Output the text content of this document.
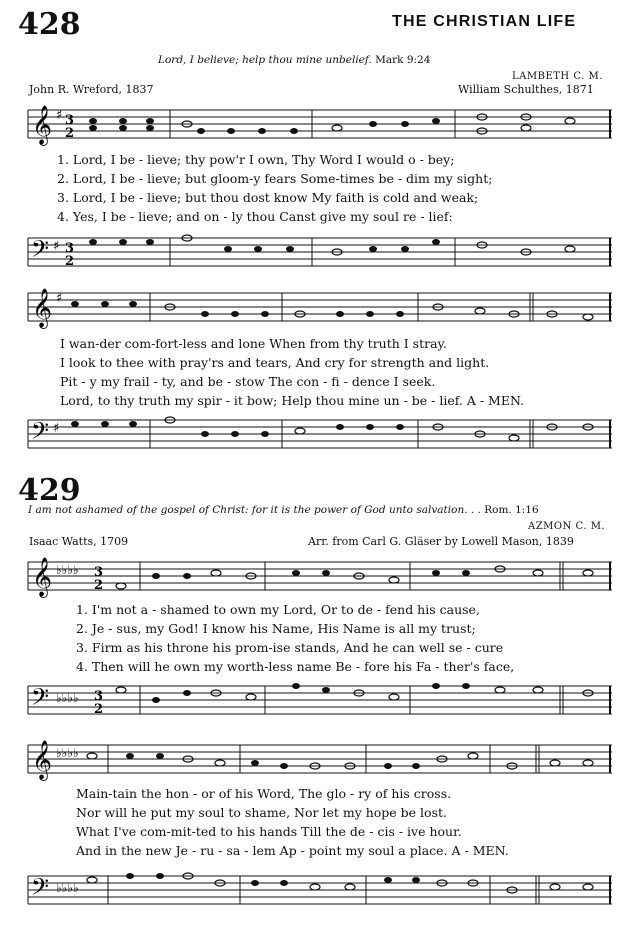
428	THE CHRISTIAN LIFE
Lord, I believe; help thou mine unbelief. Mark 9:24
LAMBETH C. M.
John R. Wreford, 1837	William Schulthes, 1871
𝄞 ♯ 3
2
1. Lord, I be - lieve; thy pow'r I own, Thy Word I would o - bey;
2. Lord, I be - lieve; but gloom-y fears Some-times be - dim my sight;
3. Lord, I be - lieve; but thou dost know My faith is cold and weak;
4. Yes, I be - lieve; and on - ly thou Canst give my soul re - lief:
𝄢 ♯ 3
2
𝄞 ♯
I wan-der com-fort-less and lone When from thy truth I stray.
I look to thee with pray'rs and tears, And cry for strength and light.
Pit - y my frail - ty, and be - stow The con - fi - dence I seek.
Lord, to thy truth my spir - it bow; Help thou mine un - be - lief. A - MEN.
𝄢 ♯
429
I am not ashamed of the gospel of Christ: for it is the power of God unto salvation. . . Rom. 1:16
AZMON C. M.
Isaac Watts, 1709	Arr. from Carl G. Gläser by Lowell Mason, 1839
𝄞 ♭♭♭♭ 3
2
1. I'm not a - shamed to own my Lord, Or to de - fend his cause,
2. Je - sus, my God! I know his Name, His Name is all my trust;
3. Firm as his throne his prom-ise stands, And he can well se - cure
4. Then will he own my worth-less name Be - fore his Fa - ther's face,
𝄢 ♭♭♭♭ 3
2
𝄞 ♭♭♭♭
Main-tain the hon - or of his Word, The glo - ry of his cross.
Nor will he put my soul to shame, Nor let my hope be lost.
What I've com-mit-ted to his hands Till the de - cis - ive hour.
And in the new Je - ru - sa - lem Ap - point my soul a place. A - MEN.
𝄢 ♭♭♭♭
